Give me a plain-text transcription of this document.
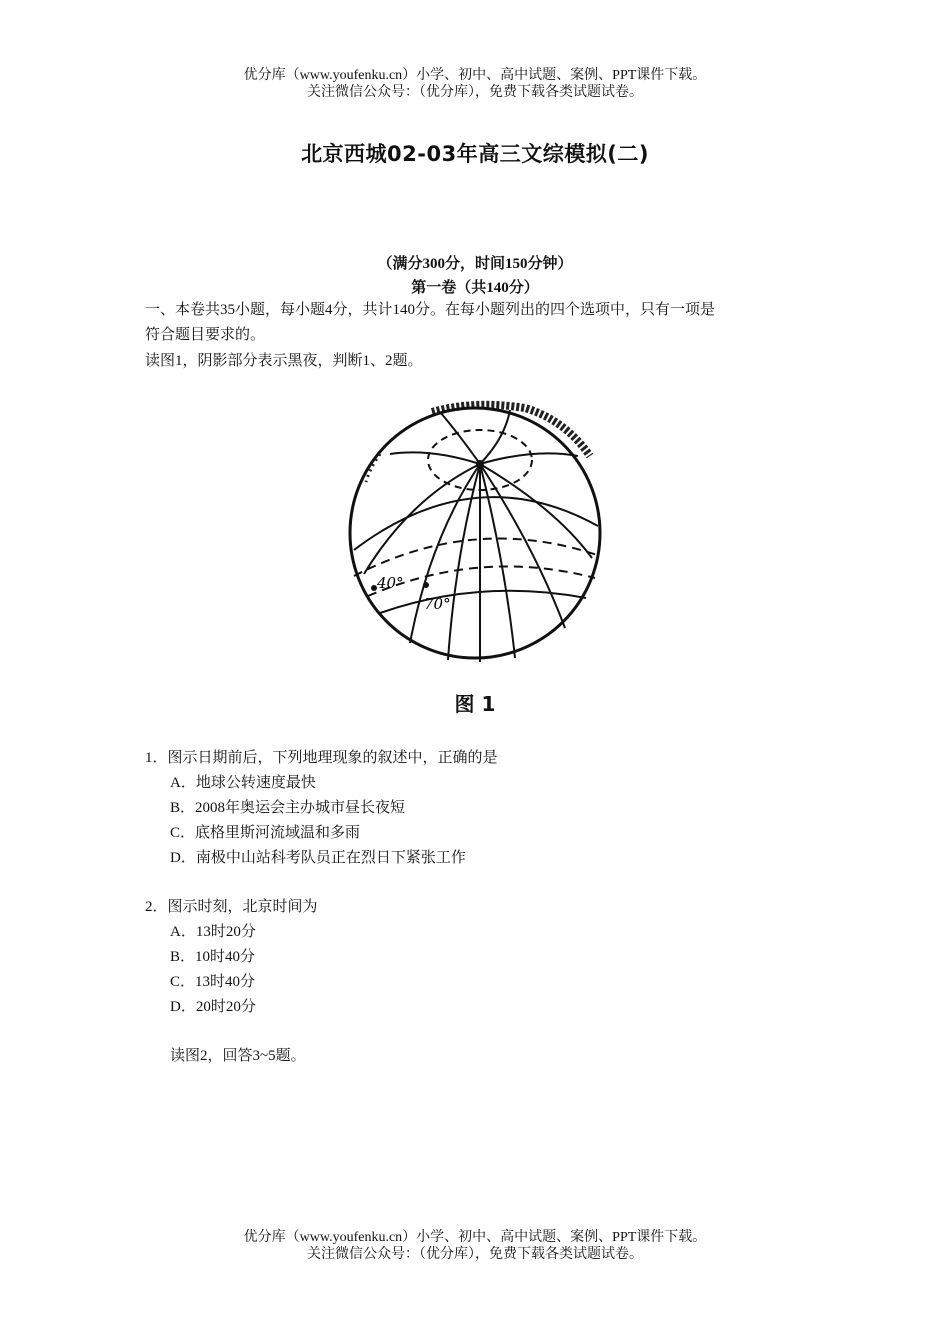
优分库（www.youfenku.cn）小学、初中、高中试题、案例、PPT课件下载。
关注微信公众号：（优分库），免费下载各类试题试卷。
北京西城02-03年高三文综模拟(二)
（满分300分，时间150分钟）
第一卷（共140分）
一、本卷共35小题，每小题4分，共计140分。在每小题列出的四个选项中，只有一项是
符合题目要求的。
读图1，阴影部分表示黑夜，判断1、2题。
40°
70°
图 1
1．图示日期前后，下列地理现象的叙述中，正确的是
A．地球公转速度最快
B．2008年奥运会主办城市昼长夜短
C．底格里斯河流域温和多雨
D．南极中山站科考队员正在烈日下紧张工作
2．图示时刻，北京时间为
A．13时20分
B．10时40分
C．13时40分
D．20时20分
读图2，回答3~5题。
优分库（www.youfenku.cn）小学、初中、高中试题、案例、PPT课件下载。
关注微信公众号：（优分库），免费下载各类试题试卷。
